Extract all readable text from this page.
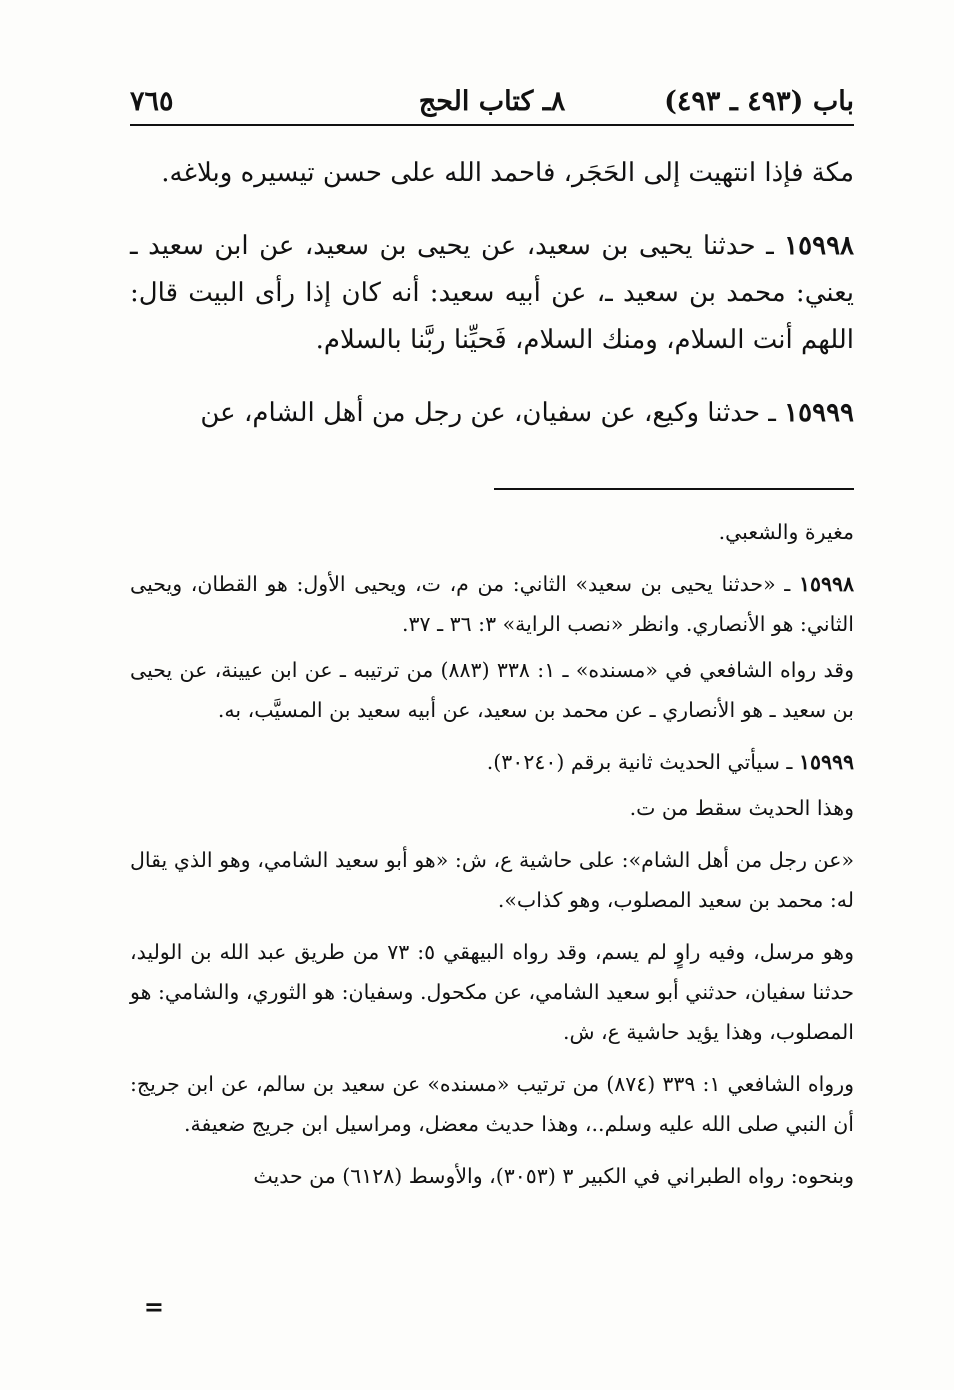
باب (٤٩٣ ـ ٤٩٣)
٨ـ كتاب الحج
٧٦٥

مكة فإذا انتهيت إلى الحَجَر، فاحمد الله على حسن تيسيره وبلاغه.

١٥٩٩٨ ـ حدثنا يحيى بن سعيد، عن يحيى بن سعيد، عن ابن سعيد ـ يعني: محمد بن سعيد ـ، عن أبيه سعيد: أنه كان إذا رأى البيت قال: اللهم أنت السلام، ومنك السلام، فَحيِّنا ربَّنا بالسلام.

١٥٩٩٩ ـ حدثنا وكيع، عن سفيان، عن رجل من أهل الشام، عن

مغيرة والشعبي.

١٥٩٩٨ ـ «حدثنا يحيى بن سعيد» الثاني: من م، ت، ويحيى الأول: هو القطان، ويحيى الثاني: هو الأنصاري. وانظر «نصب الراية» ٣: ٣٦ ـ ٣٧.

وقد رواه الشافعي في «مسنده» ـ ١: ٣٣٨ (٨٨٣) من ترتيبه ـ عن ابن عيينة، عن يحيى بن سعيد ـ هو الأنصاري ـ عن محمد بن سعيد، عن أبيه سعيد بن المسيَّب، به.

١٥٩٩٩ ـ سيأتي الحديث ثانية برقم (٣٠٢٤٠).

وهذا الحديث سقط من ت.

«عن رجل من أهل الشام»: على حاشية ع، ش: «هو أبو سعيد الشامي، وهو الذي يقال له: محمد بن سعيد المصلوب، وهو كذاب».

وهو مرسل، وفيه راوٍ لم يسم، وقد رواه البيهقي ٥: ٧٣ من طريق عبد الله بن الوليد، حدثنا سفيان، حدثني أبو سعيد الشامي، عن مكحول. وسفيان: هو الثوري، والشامي: هو المصلوب، وهذا يؤيد حاشية ع، ش.

ورواه الشافعي ١: ٣٣٩ (٨٧٤) من ترتيب «مسنده» عن سعيد بن سالم، عن ابن جريج: أن النبي صلى الله عليه وسلم..، وهذا حديث معضل، ومراسيل ابن جريج ضعيفة.

وبنحوه: رواه الطبراني في الكبير ٣ (٣٠٥٣)، والأوسط (٦١٢٨) من حديث

=
